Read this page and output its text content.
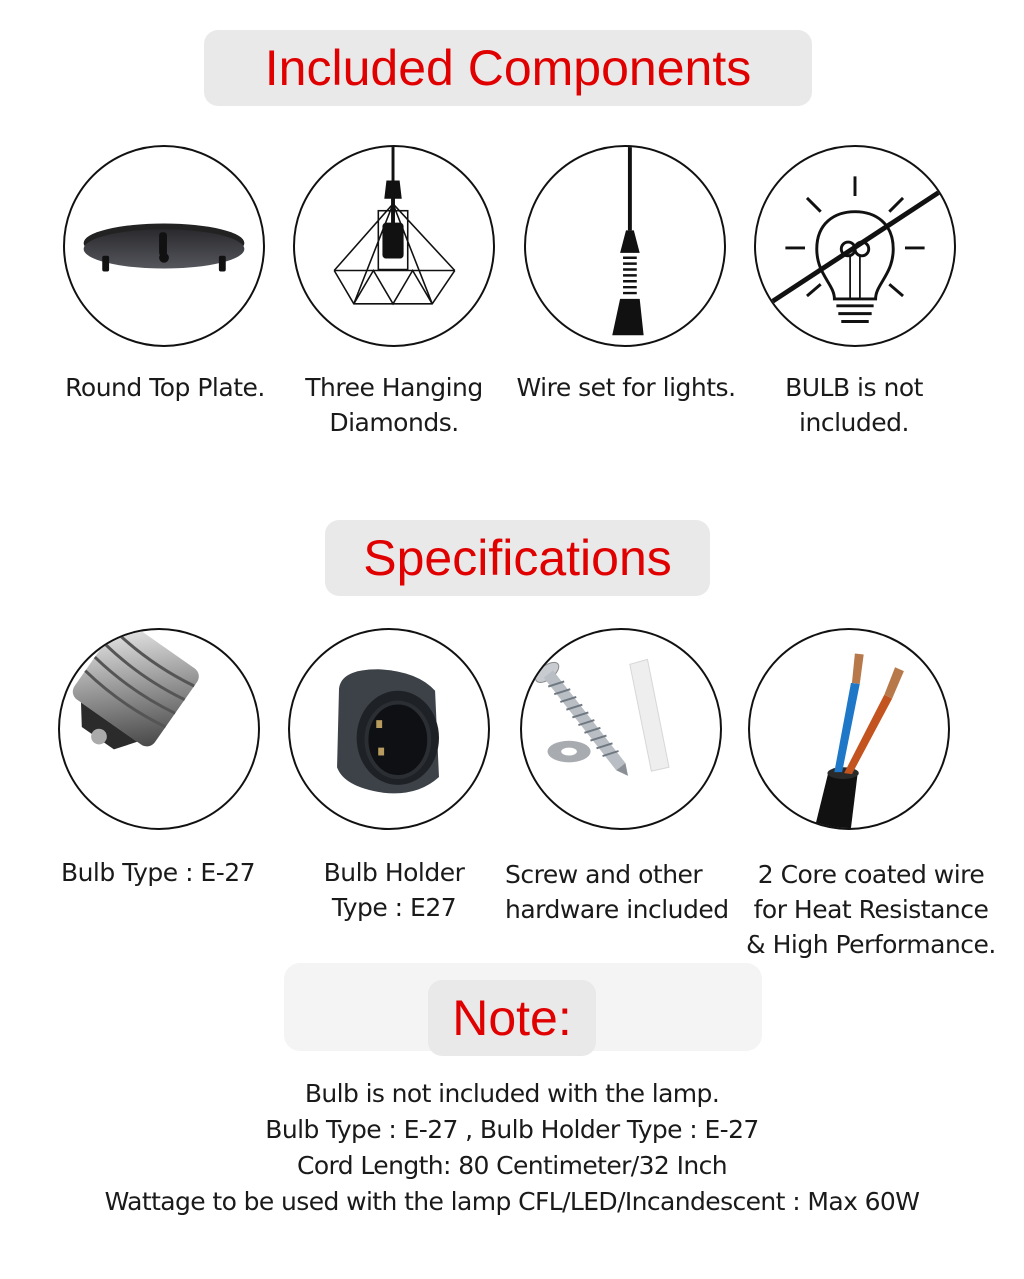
Included Components
Round Top Plate.	Three Hanging
Diamonds.
Wire set for lights.	BULB is not
included.
Specifications
Bulb Type : E-27	Bulb Holder
Type : E27
Screw and other
hardware included
2 Core coated wire
for Heat Resistance
& High Performance.
Note:
Bulb is not included with the lamp.
Bulb Type : E-27 , Bulb Holder Type : E-27
Cord Length: 80 Centimeter/32 Inch
Wattage to be used with the lamp CFL/LED/Incandescent : Max 60W
